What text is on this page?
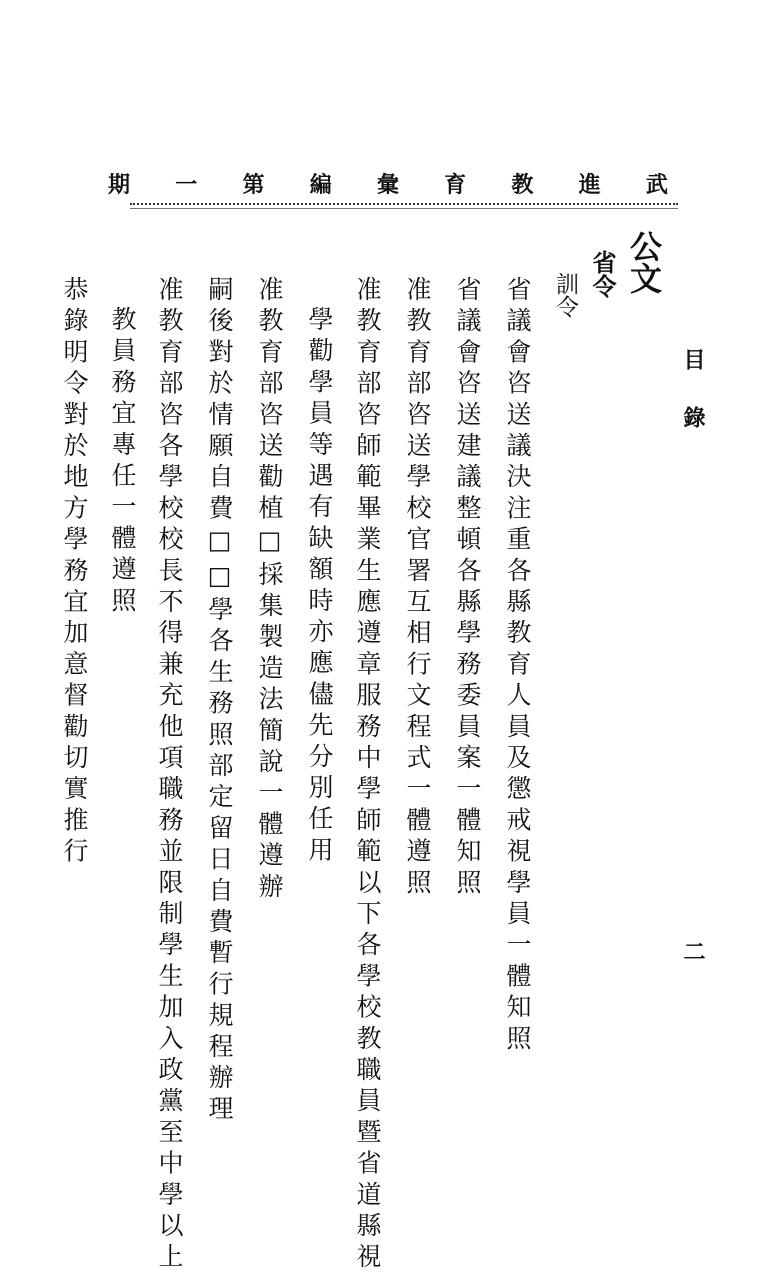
武
進
教
育
彙
編
第
一
期
目錄
二
公文
省令
訓令
省議會咨送議決注重各縣教育人員及懲戒視學員一體知照
省議會咨送建議整頓各縣學務委員案一體知照
准教育部咨送學校官署互相行文程式一體遵照
准教育部咨師範畢業生應遵章服務中學師範以下各學校教職員暨省道縣視
學勸學員等遇有缺額時亦應儘先分別任用
准教育部咨送勸植□採集製造法簡說一體遵辦
嗣後對於情願自費□□學各生務照部定留日自費暫行規程辦理
准教育部咨各學校校長不得兼充他項職務並限制學生加入政黨至中學以上
教員務宜專任一體遵照
恭錄明令對於地方學務宜加意督勸切實推行
